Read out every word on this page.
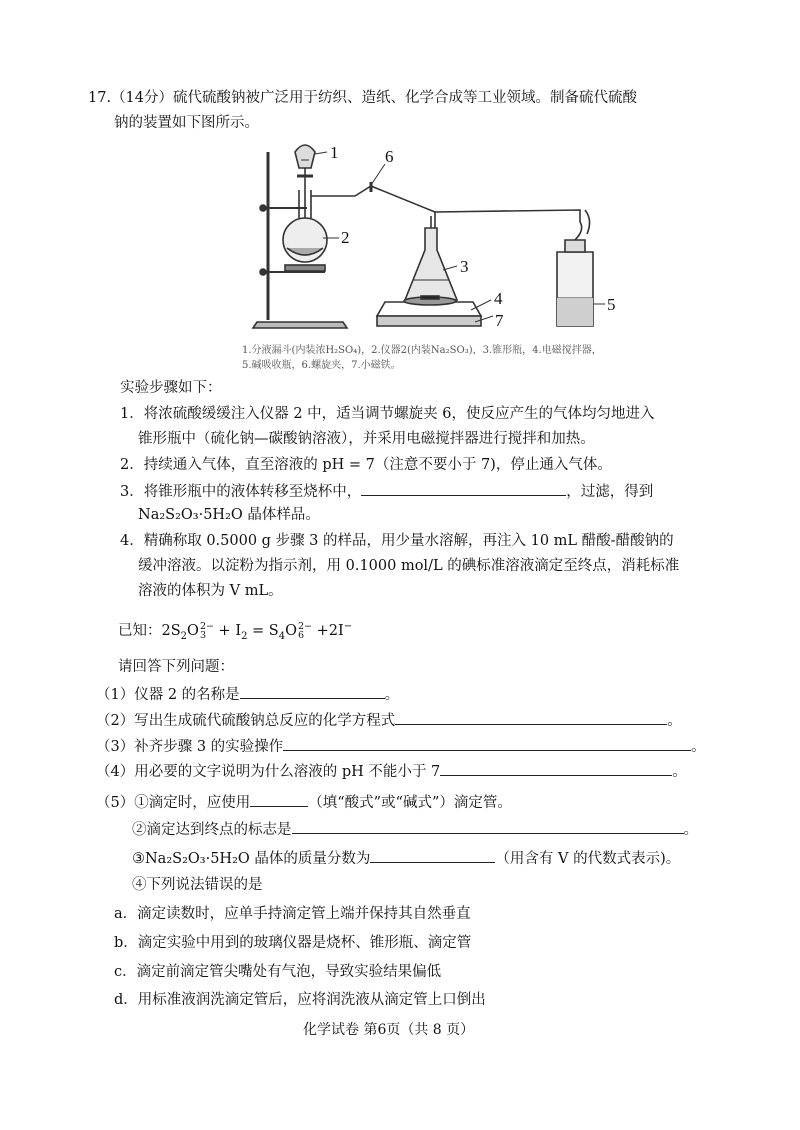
17.（14分）硫代硫酸钠被广泛用于纺织、造纸、化学合成等工业领域。制备硫代硫酸
钠的装置如下图所示。
1
2
3
4	5
6
7
1.分液漏斗(内装浓H₂SO₄)，2.仪器2(内装Na₂SO₃)，3.锥形瓶，4.电磁搅拌器，
5.碱吸收瓶，6.螺旋夹，7.小磁铁。
实验步骤如下：
1．将浓硫酸缓缓注入仪器 2 中，适当调节螺旋夹 6，使反应产生的气体均匀地进入
锥形瓶中（硫化钠—碳酸钠溶液），并采用电磁搅拌器进行搅拌和加热。
2．持续通入气体，直至溶液的 pH = 7（注意不要小于 7)，停止通入气体。
3．将锥形瓶中的液体转移至烧杯中，	，过滤，得到
Na₂S₂O₃·5H₂O 晶体样品。
4．精确称取 0.5000 g 步骤 3 的样品，用少量水溶解，再注入 10 mL 醋酸-醋酸钠的
缓冲溶液。以淀粉为指示剂，用 0.1000 mol/L 的碘标准溶液滴定至终点，消耗标准
溶液的体积为 V mL。
已知：$2S_2O$ 2−
$3 + I_2 = S_4O$ 2−
6 +2I−
请回答下列问题：
（1）仪器 2 的名称是	。
（2）写出生成硫代硫酸钠总反应的化学方程式	。
（3）补齐步骤 3 的实验操作	。
（4）用必要的文字说明为什么溶液的 pH 不能小于 7	。
（5）①滴定时，应使用	（填“酸式”或“碱式”）滴定管。
②滴定达到终点的标志是	。
③Na₂S₂O₃·5H₂O 晶体的质量分数为	（用含有 V 的代数式表示)。
④下列说法错误的是
a．滴定读数时，应单手持滴定管上端并保持其自然垂直
b．滴定实验中用到的玻璃仪器是烧杯、锥形瓶、滴定管
c．滴定前滴定管尖嘴处有气泡，导致实验结果偏低
d．用标准液润洗滴定管后，应将润洗液从滴定管上口倒出
化学试卷 第6页（共 8 页）
